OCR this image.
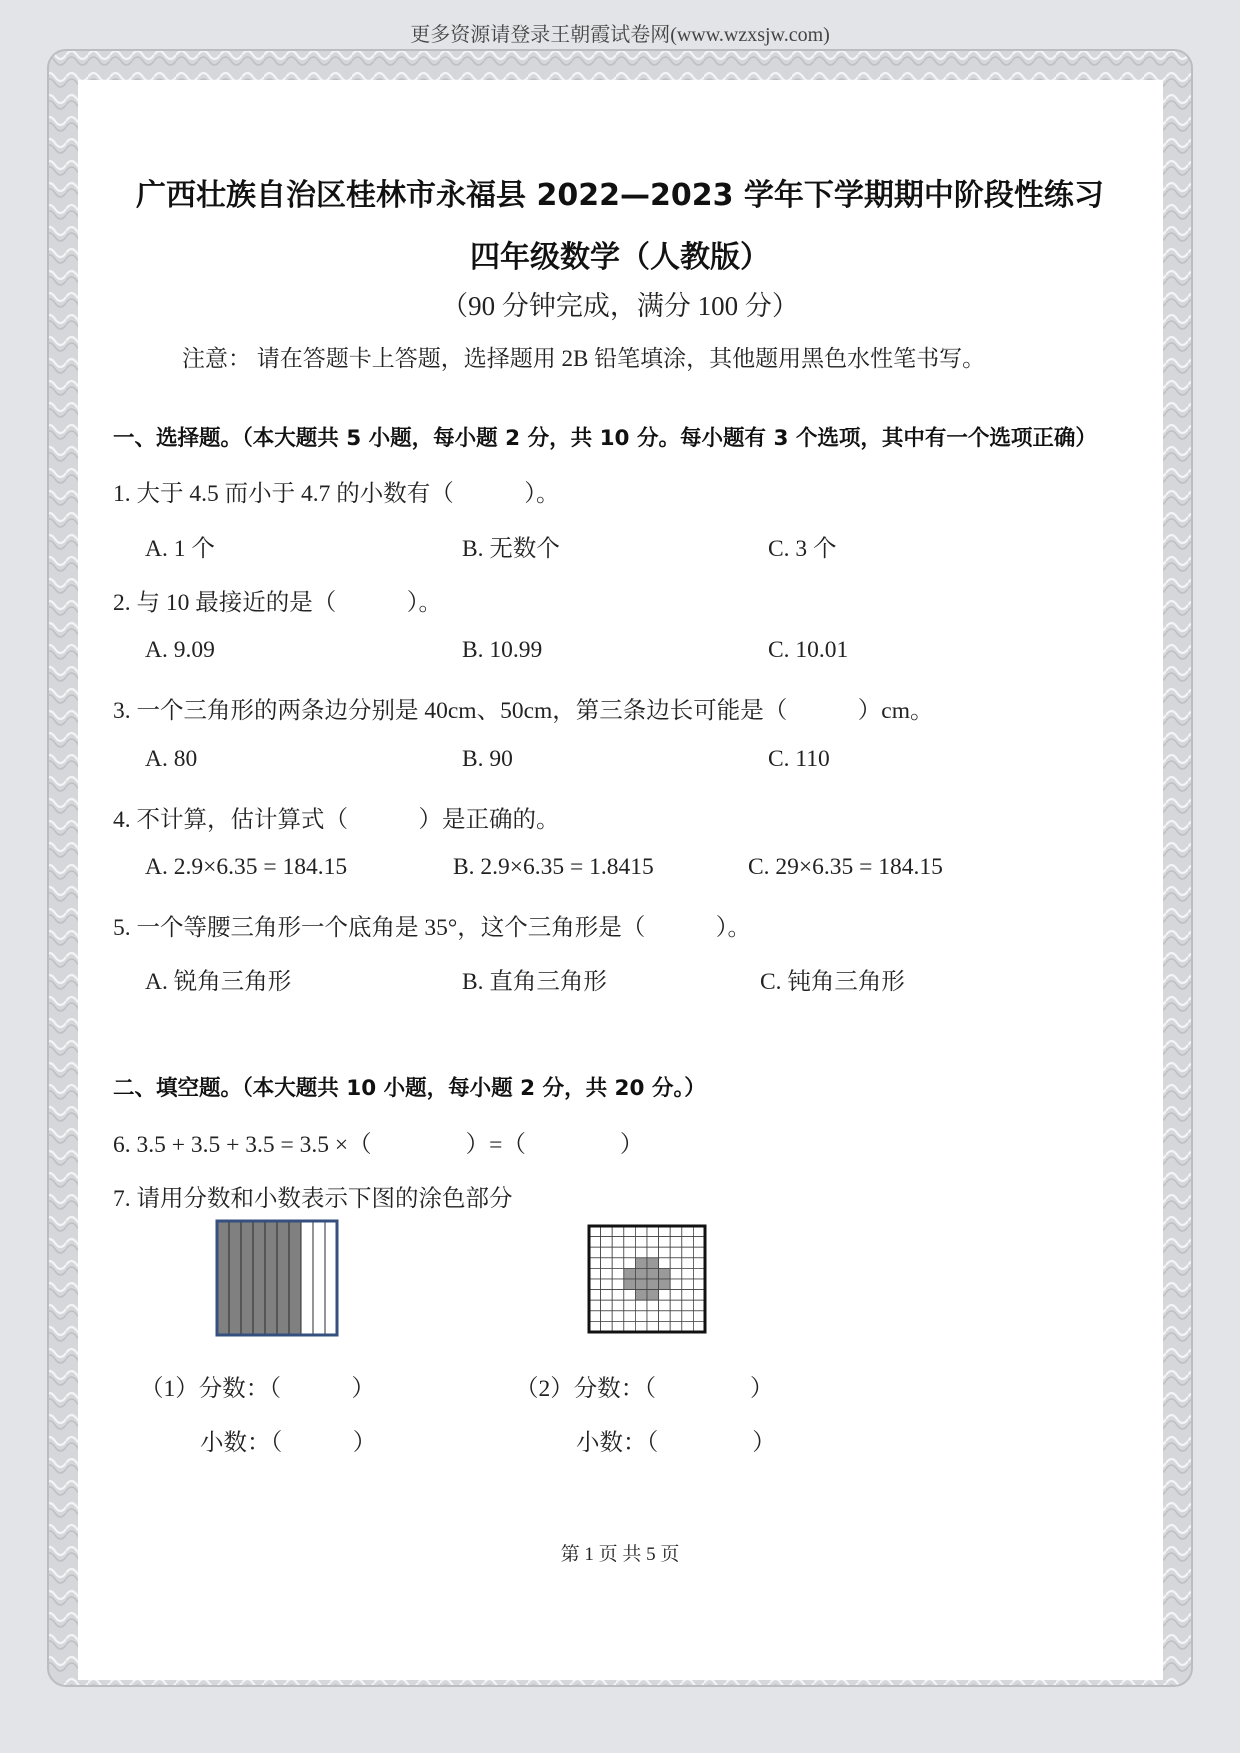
更多资源请登录王朝霞试卷网(www.wzxsjw.com)
广西壮族自治区桂林市永福县 2022—2023 学年下学期期中阶段性练习
四年级数学（人教版）
（90 分钟完成，满分 100 分）
注意： 请在答题卡上答题，选择题用 2B 铅笔填涂，其他题用黑色水性笔书写。
一、选择题。（本大题共 5 小题，每小题 2 分，共 10 分。每小题有 3 个选项，其中有一个选项正确）
1. 大于 4.5 而小于 4.7 的小数有（　　　）。
A. 1 个	B. 无数个	C. 3 个
2. 与 10 最接近的是（　　　）。
A. 9.09	B. 10.99	C. 10.01
3. 一个三角形的两条边分别是 40cm、50cm，第三条边长可能是（　　　）cm。
A. 80	B. 90	C. 110
4. 不计算，估计算式（　　　）是正确的。
A. 2.9×6.35 = 184.15	B. 2.9×6.35 = 1.8415	C. 29×6.35 = 184.15
5. 一个等腰三角形一个底角是 35°，这个三角形是（　　　）。
A. 锐角三角形	B. 直角三角形	C. 钝角三角形
二、填空题。（本大题共 10 小题，每小题 2 分，共 20 分。）
6. 3.5 + 3.5 + 3.5 = 3.5 ×（　　　　）=（　　　　）
7. 请用分数和小数表示下图的涂色部分
（1）分数：（　　　）
小数：（　　　）
（2）分数：（　　　　）
小数：（　　　　）
第 1 页 共 5 页
